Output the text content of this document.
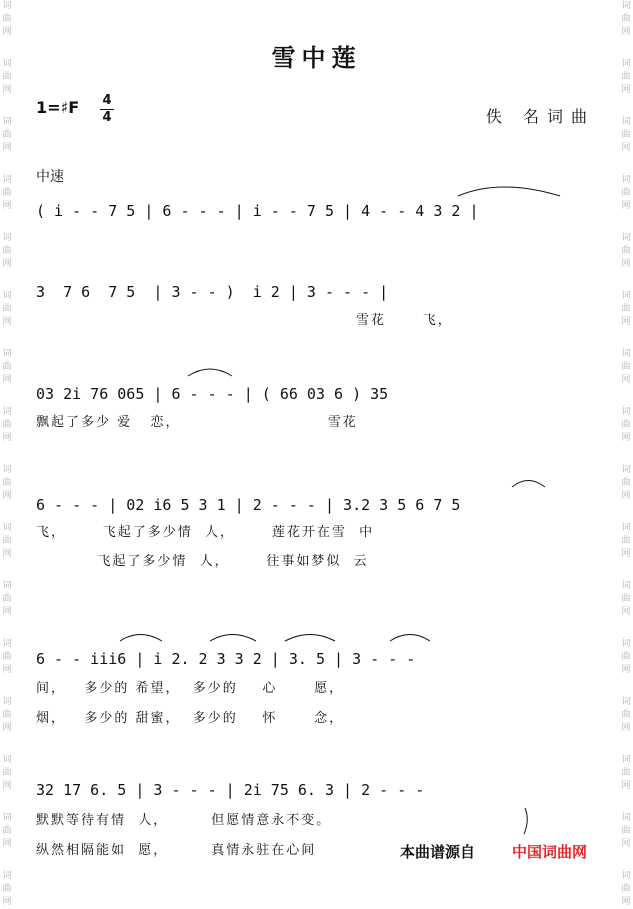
词
曲
网
词
曲
网
词
曲
网
词
曲
网
词
曲
网
词
曲
网
词
曲
网
词
曲
网
词
曲
网
词
曲
网
词
曲
网
词
曲
网
词
曲
网
词
曲
网
词
曲
网
词
曲
网
词
曲
网
词
曲
网
词
曲
网
词
曲
网
词
曲
网
词
曲
网
词
曲
网
词
曲
网
词
曲
网
词
曲
网
词
曲
网
词
曲
网
词
曲
网
词
曲
网
词
曲
网
词
曲
网
雪中莲
1=♯F 4
4	佚 名词曲
中速
( i - - 7 5 | 6 - - - | i - - 7 5 | 4 - - 4 3 2 |
3  7 6  7 5  | 3 - - )  i 2 | 3 - - - |
雪花      飞，
03 2i 76 065 | 6 - - - | ( 66 03 6 ) 35
飘起了多少 爱   恋，                        雪花
6 - - - | 02 i6 5 3 1 | 2 - - - | 3.2 3 5 6 7 5
飞，      飞起了多少情  人，      莲花开在雪  中
飞起了多少情  人，      往事如梦似  云
6 - - iii6 | i 2. 2 3 3 2 | 3. 5 | 3 - - -
间，   多少的 希望，  多少的    心      愿，
烟，   多少的 甜蜜，  多少的    怀      念，
32 17 6. 5 | 3 - - - | 2i 75 6. 3 | 2 - - -
默默等待有情  人，       但愿情意永不变。
纵然相隔能如  愿，       真情永驻在心间	本曲谱源自 中国词曲网
